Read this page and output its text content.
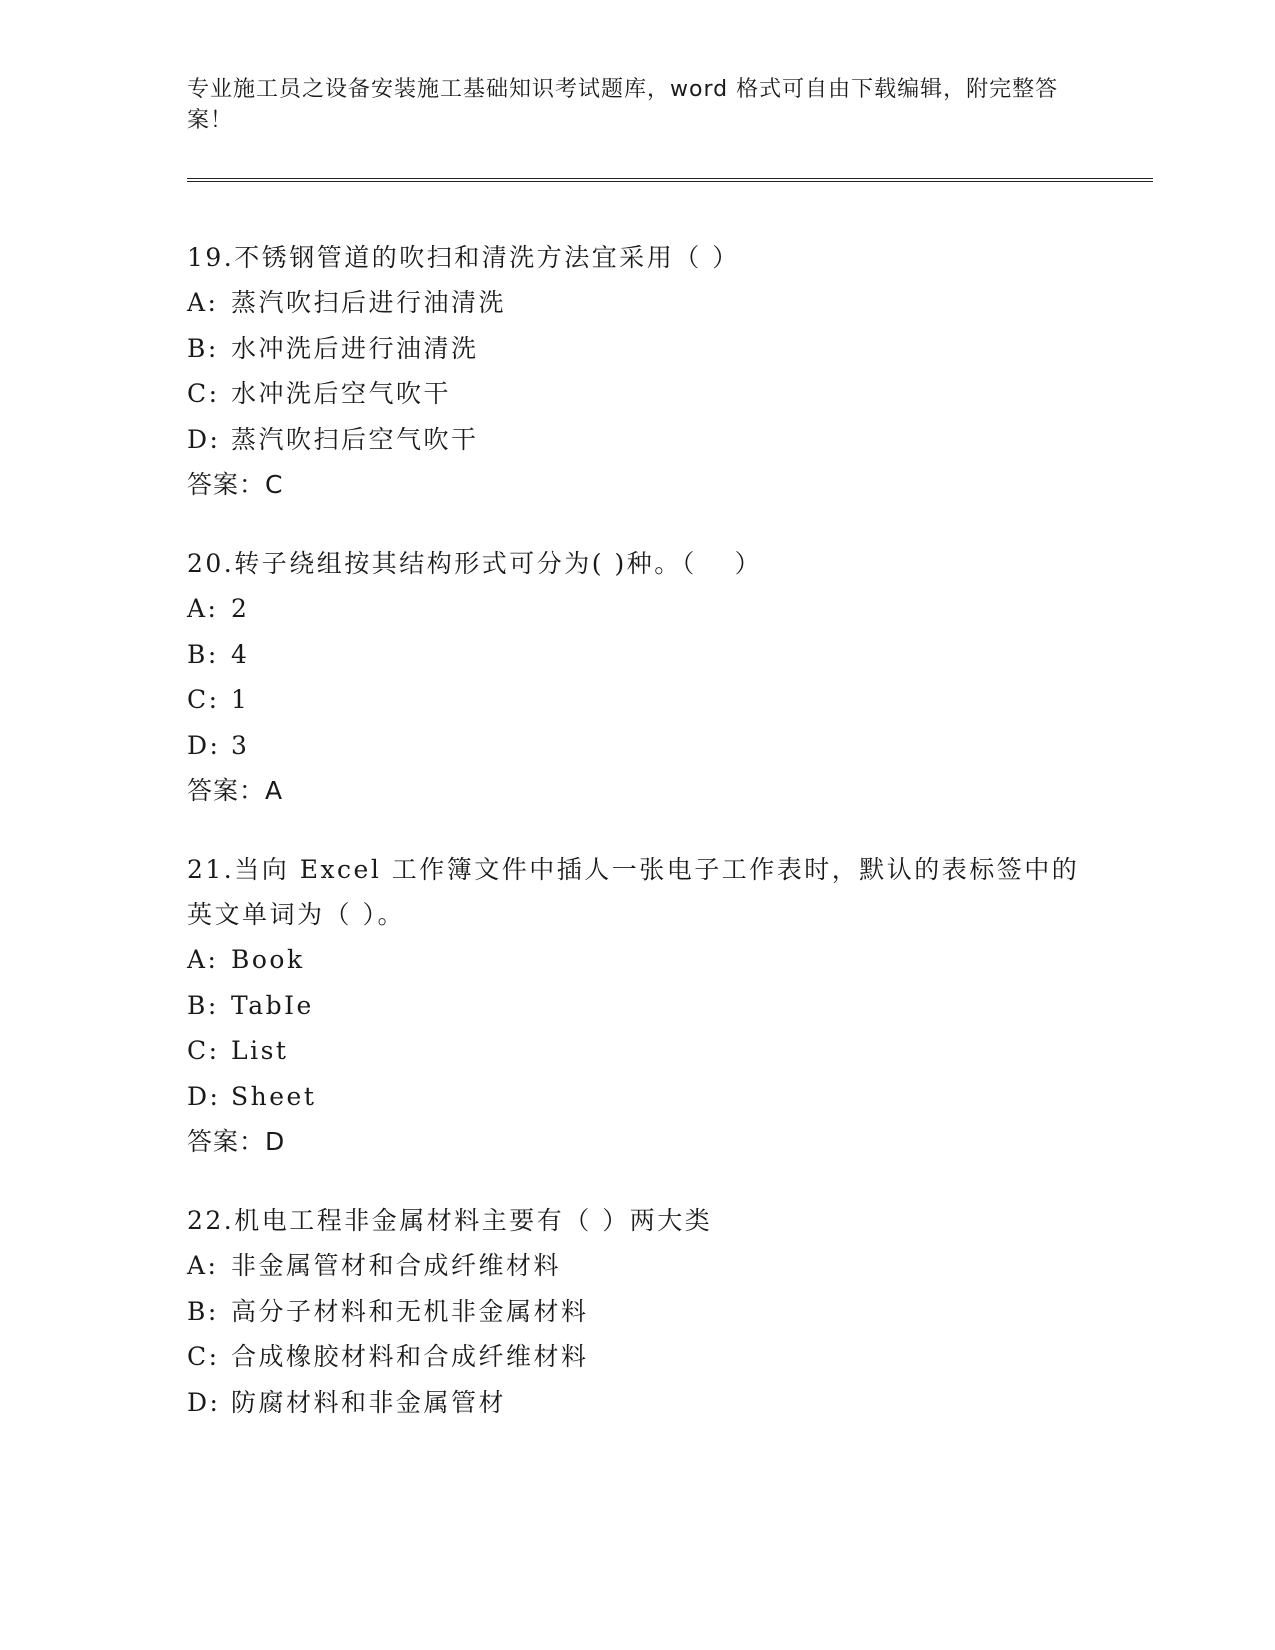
专业施工员之设备安装施工基础知识考试题库，word 格式可自由下载编辑，附完整答案！

19.不锈钢管道的吹扫和清洗方法宜采用（ ）

A: 蒸汽吹扫后进行油清洗

B: 水冲洗后进行油清洗

C: 水冲洗后空气吹干

D: 蒸汽吹扫后空气吹干

答案：C

20.转子绕组按其结构形式可分为( )种。（　 ）

A: 2

B: 4

C: 1

D: 3

答案：A

21.当向 Excel 工作簿文件中插人一张电子工作表时，默认的表标签中的英文单词为（ ）。

A: Book

B: TabIe

C: List

D: Sheet

答案：D

22.机电工程非金属材料主要有（ ）两大类

A: 非金属管材和合成纤维材料

B: 高分子材料和无机非金属材料

C: 合成橡胶材料和合成纤维材料

D: 防腐材料和非金属管材
